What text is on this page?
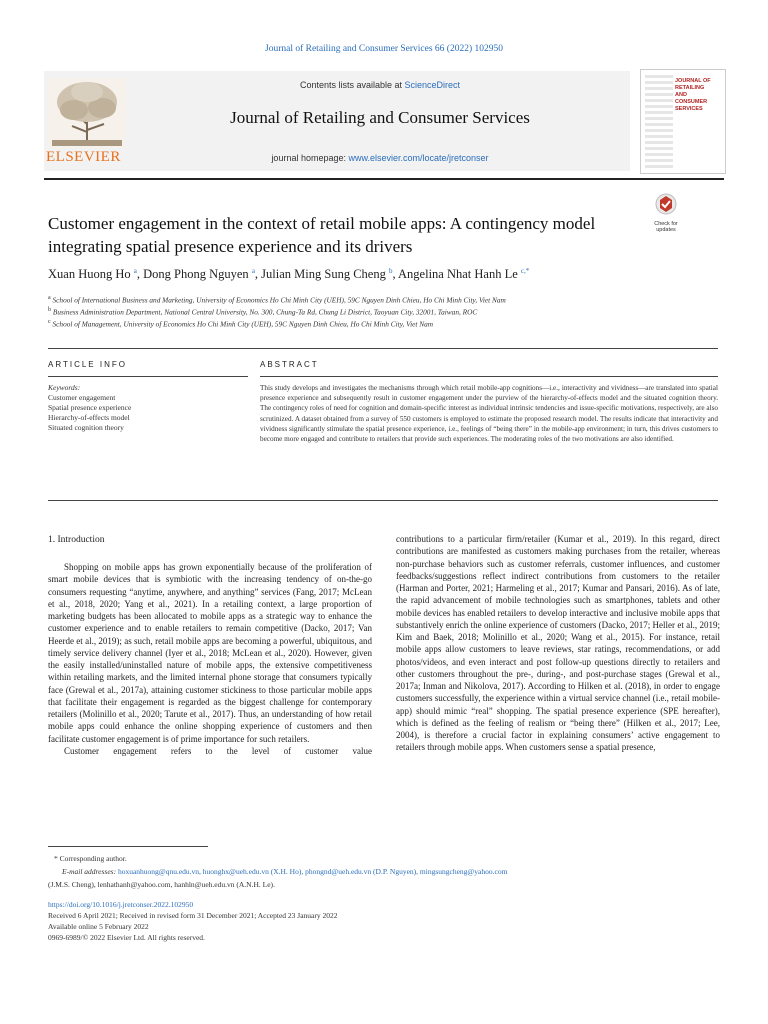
Journal of Retailing and Consumer Services 66 (2022) 102950
ELSEVIER
Contents lists available at ScienceDirect
Journal of Retailing and Consumer Services
journal homepage: www.elsevier.com/locate/jretconser
JOURNAL OF
RETAILING
AND
CONSUMER
SERVICES
Customer engagement in the context of retail mobile apps: A contingency model integrating spatial presence experience and its drivers
Check for
updates
Xuan Huong Ho $^a$, Dong Phong Nguyen $^a$, Julian Ming Sung Cheng $^b$, Angelina Nhat Hanh Le $^{c,*}$
$^a$ School of International Business and Marketing, University of Economics Ho Chi Minh City (UEH), 59C Nguyen Dinh Chieu, Ho Chi Minh City, Viet Nam
$^b$ Business Administration Department, National Central University, No. 300, Chung-Ta Rd, Chung Li District, Taoyuan City, 32001, Taiwan, ROC
$^c$ School of Management, University of Economics Ho Chi Minh City (UEH), 59C Nguyen Dinh Chieu, Ho Chi Minh City, Viet Nam
ARTICLE INFO	ABSTRACT
Keywords:
Customer engagement
Spatial presence experience
Hierarchy-of-effects model
Situated cognition theory
This study develops and investigates the mechanisms through which retail mobile-app cognitions—i.e., interactivity and vividness—are translated into spatial presence experience and subsequently result in customer engagement under the purview of the hierarchy-of-effects model and the situated cognition theory. The contingency roles of need for cognition and domain-specific interest as individual intrinsic tendencies and issue-specific motivations, respectively, are also scrutinized. A dataset obtained from a survey of 550 customers is employed to estimate the proposed research model. The results indicate that interactivity and vividness significantly stimulate the spatial presence experience, i.e., feelings of “being there” in the mobile-app environment; in turn, this drives customers to become more engaged and contribute to retailers that provide such experiences. The moderating roles of the two motivations are also identified.
1. Introduction

Shopping on mobile apps has grown exponentially because of the proliferation of smart mobile devices that is symbiotic with the increasing tendency of on-the-go consumers requesting “anytime, anywhere, and anything” services (Fang, 2017; McLean et al., 2018, 2020; Yang et al., 2021). In a retailing context, a large proportion of marketing budgets has been allocated to mobile apps as a strategic way to enhance the customer experience and to enable retailers to remain competitive (Dacko, 2017; Van Heerde et al., 2019); as such, retail mobile apps are becoming a powerful, ubiquitous, and timely service delivery channel (Iyer et al., 2018; McLean et al., 2020). However, given the easily installed/uninstalled nature of mobile apps, the extensive competitiveness within retailing markets, and the limited internal phone storage that consumers typically face (Grewal et al., 2017a), attaining customer stickiness to those particular mobile apps that facilitate their engagement is regarded as the biggest challenge for contemporary retailers (Molinillo et al., 2020; Tarute et al., 2017). Thus, an understanding of how retail mobile apps could enhance the online shopping experience of customers and then facilitate customer engagement is of prime importance for such retailers.

Customer engagement refers to the level of customer value

contributions to a particular firm/retailer (Kumar et al., 2019). In this regard, direct contributions are manifested as customers making purchases from the retailer, whereas non-purchase behaviors such as customer referrals, customer influences, and customer feedbacks/suggestions reflect indirect contributions from customers to the retailer (Harman and Porter, 2021; Harmeling et al., 2017; Kumar and Pansari, 2016). As of late, the rapid advancement of mobile technologies such as smartphones, tablets and other mobile devices has enabled retailers to develop interactive and inclusive mobile apps that substantively enrich the online experience of customers (Dacko, 2017; Heller et al., 2019; Kim and Baek, 2018; Molinillo et al., 2020; Wang et al., 2015). For instance, retail mobile apps allow customers to leave reviews, star ratings, recommendations, or add photos/videos, and even interact and post follow-up questions directly to retailers and other customers throughout the pre-, during-, and post-purchase stages (Grewal et al., 2017a; Inman and Nikolova, 2017). According to Hilken et al. (2018), in order to engage customers successfully, the experience within a virtual service channel (i.e., retail mobile-app) should mimic “real” shopping. The spatial presence experience (SPE hereafter), which is defined as the feeling of realism or “being there” (Hilken et al., 2017; Lee, 2004), is therefore a crucial factor in explaining consumers’ active engagement to retailers through mobile apps. When customers sense a spatial presence,

* Corresponding author.
E-mail addresses: hoxuanhuong@qnu.edu.vn, huonghx@ueh.edu.vn (X.H. Ho), phongnd@ueh.edu.vn (D.P. Nguyen), mingsungcheng@yahoo.com
(J.M.S. Cheng), lenhathanh@yahoo.com, hanhln@ueh.edu.vn (A.N.H. Le).
https://doi.org/10.1016/j.jretconser.2022.102950
Received 6 April 2021; Received in revised form 31 December 2021; Accepted 23 January 2022
Available online 5 February 2022
0969-6989/© 2022 Elsevier Ltd. All rights reserved.
